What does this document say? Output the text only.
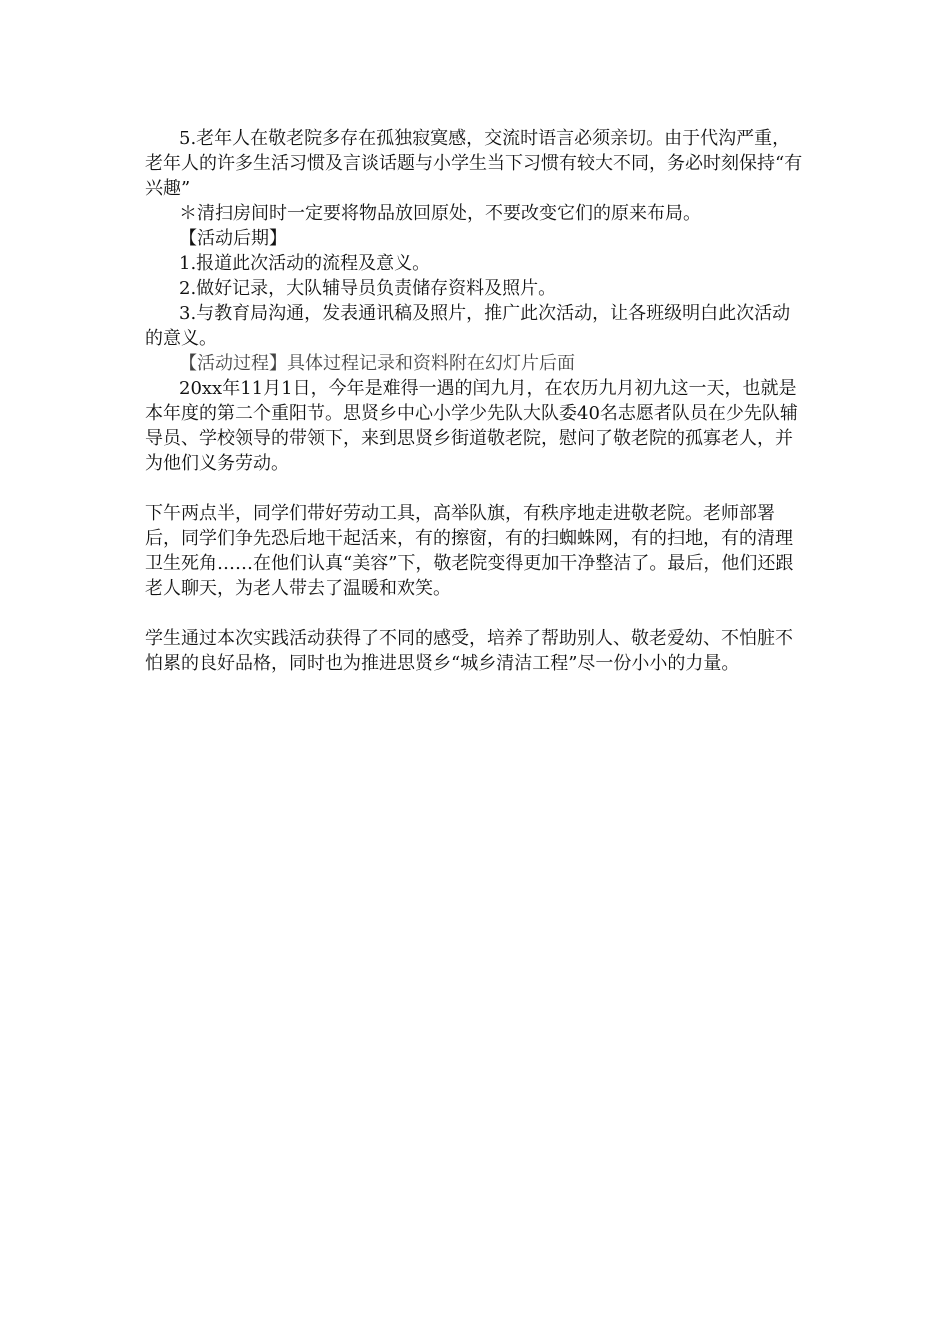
5.老年人在敬老院多存在孤独寂寞感，交流时语言必须亲切。由于代沟严重，老年人的许多生活习惯及言谈话题与小学生当下习惯有较大不同，务必时刻保持“有兴趣”

＊清扫房间时一定要将物品放回原处，不要改变它们的原来布局。

【活动后期】

1.报道此次活动的流程及意义。

2.做好记录，大队辅导员负责储存资料及照片。

3.与教育局沟通，发表通讯稿及照片，推广此次活动，让各班级明白此次活动的意义。

【活动过程】具体过程记录和资料附在幻灯片后面

20xx年11月1日，今年是难得一遇的闰九月，在农历九月初九这一天，也就是本年度的第二个重阳节。思贤乡中心小学少先队大队委40名志愿者队员在少先队辅导员、学校领导的带领下，来到思贤乡街道敬老院，慰问了敬老院的孤寡老人，并为他们义务劳动。

下午两点半，同学们带好劳动工具，高举队旗，有秩序地走进敬老院。老师部署后，同学们争先恐后地干起活来，有的擦窗，有的扫蜘蛛网，有的扫地，有的清理卫生死角……在他们认真“美容”下，敬老院变得更加干净整洁了。最后，他们还跟老人聊天，为老人带去了温暖和欢笑。

学生通过本次实践活动获得了不同的感受，培养了帮助别人、敬老爱幼、不怕脏不怕累的良好品格，同时也为推进思贤乡“城乡清洁工程”尽一份小小的力量。
